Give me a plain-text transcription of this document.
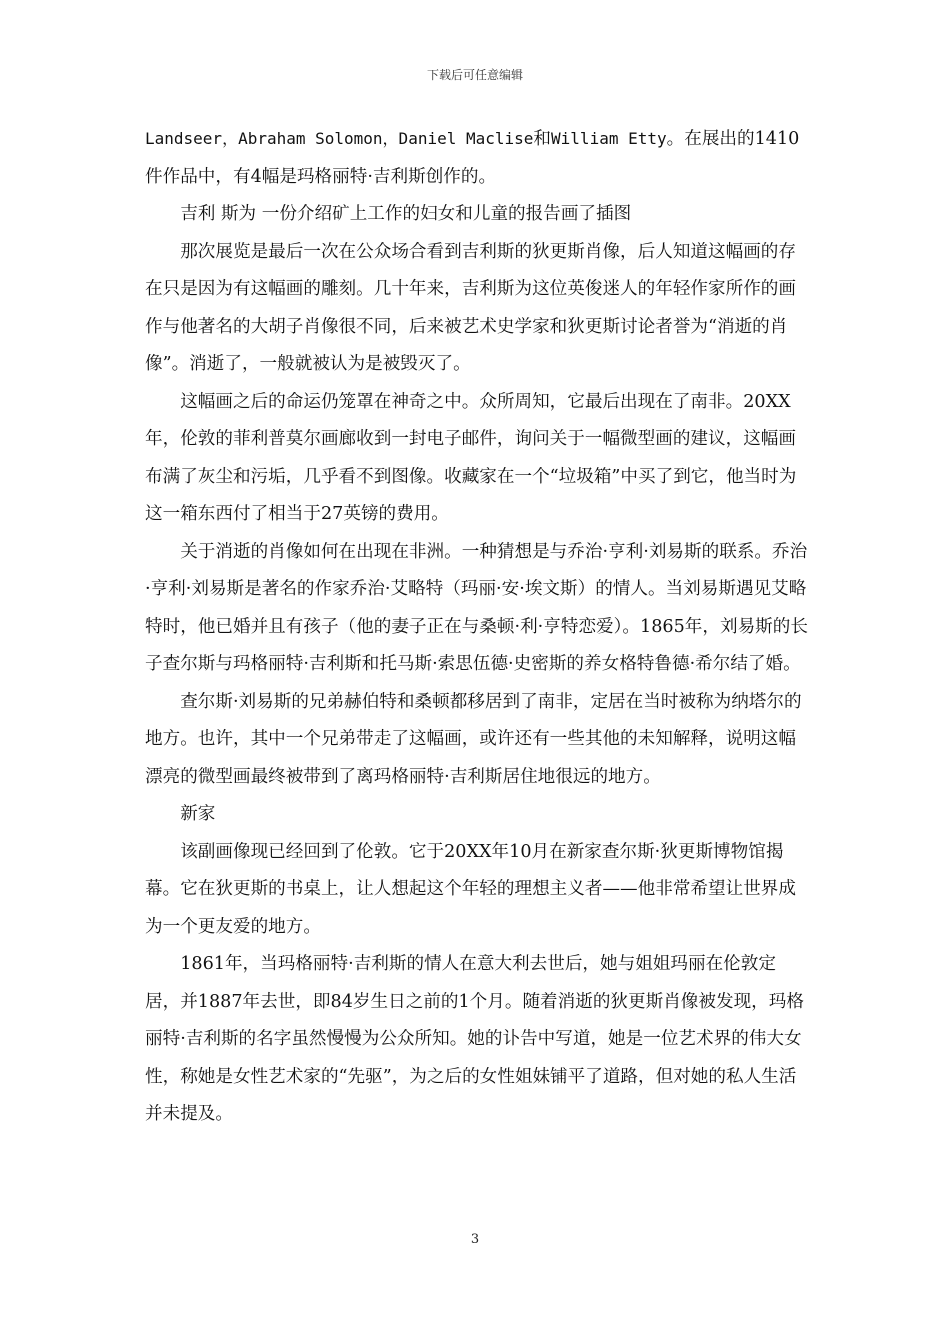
下载后可任意编辑

Landseer，Abraham Solomon，Daniel Maclise和William Etty。在展出的1410件作品中，有4幅是玛格丽特·吉利斯创作的。

吉利 斯为 一份介绍矿上工作的妇女和儿童的报告画了插图

那次展览是最后一次在公众场合看到吉利斯的狄更斯肖像，后人知道这幅画的存在只是因为有这幅画的雕刻。几十年来，吉利斯为这位英俊迷人的年轻作家所作的画作与他著名的大胡子肖像很不同，后来被艺术史学家和狄更斯讨论者誉为“消逝的肖像”。消逝了，一般就被认为是被毁灭了。

这幅画之后的命运仍笼罩在神奇之中。众所周知，它最后出现在了南非。20XX年，伦敦的菲利普莫尔画廊收到一封电子邮件，询问关于一幅微型画的建议，这幅画布满了灰尘和污垢，几乎看不到图像。收藏家在一个“垃圾箱”中买了到它，他当时为这一箱东西付了相当于27英镑的费用。

关于消逝的肖像如何在出现在非洲。一种猜想是与乔治·亨利·刘易斯的联系。乔治·亨利·刘易斯是著名的作家乔治·艾略特（玛丽·安·埃文斯）的情人。当刘易斯遇见艾略特时，他已婚并且有孩子（他的妻子正在与桑顿·利·亨特恋爱）。1865年，刘易斯的长子查尔斯与玛格丽特·吉利斯和托马斯·索思伍德·史密斯的养女格特鲁德·希尔结了婚。

查尔斯·刘易斯的兄弟赫伯特和桑顿都移居到了南非，定居在当时被称为纳塔尔的地方。也许，其中一个兄弟带走了这幅画，或许还有一些其他的未知解释，说明这幅漂亮的微型画最终被带到了离玛格丽特·吉利斯居住地很远的地方。

新家

该副画像现已经回到了伦敦。它于20XX年10月在新家查尔斯·狄更斯博物馆揭幕。它在狄更斯的书桌上，让人想起这个年轻的理想主义者——他非常希望让世界成为一个更友爱的地方。

1861年，当玛格丽特·吉利斯的情人在意大利去世后，她与姐姐玛丽在伦敦定居，并1887年去世，即84岁生日之前的1个月。随着消逝的狄更斯肖像被发现，玛格丽特·吉利斯的名字虽然慢慢为公众所知。她的讣告中写道，她是一位艺术界的伟大女性，称她是女性艺术家的“先驱”，为之后的女性姐妹铺平了道路，但对她的私人生活并未提及。

3
